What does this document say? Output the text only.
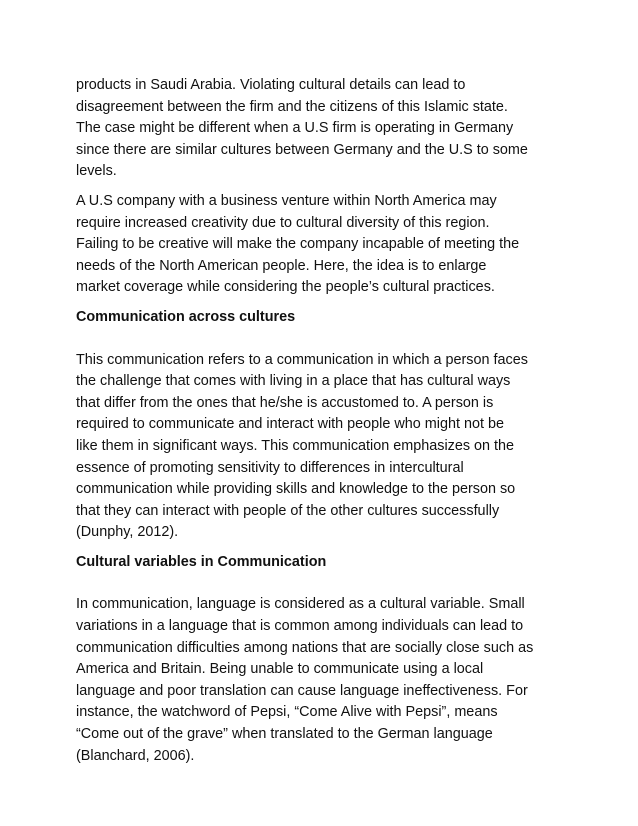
products in Saudi Arabia. Violating cultural details can lead to
disagreement between the firm and the citizens of this Islamic state.
The case might be different when a U.S firm is operating in Germany
since there are similar cultures between Germany and the U.S to some
levels.
A U.S company with a business venture within North America may
require increased creativity due to cultural diversity of this region.
Failing to be creative will make the company incapable of meeting the
needs of the North American people. Here, the idea is to enlarge
market coverage while considering the people’s cultural practices.
Communication across cultures
This communication refers to a communication in which a person faces
the challenge that comes with living in a place that has cultural ways
that differ from the ones that he/she is accustomed to. A person is
required to communicate and interact with people who might not be
like them in significant ways. This communication emphasizes on the
essence of promoting sensitivity to differences in intercultural
communication while providing skills and knowledge to the person so
that they can interact with people of the other cultures successfully
(Dunphy, 2012).
Cultural variables in Communication
In communication, language is considered as a cultural variable. Small
variations in a language that is common among individuals can lead to
communication difficulties among nations that are socially close such as
America and Britain. Being unable to communicate using a local
language and poor translation can cause language ineffectiveness. For
instance, the watchword of Pepsi, “Come Alive with Pepsi”, means
“Come out of the grave” when translated to the German language
(Blanchard, 2006).
